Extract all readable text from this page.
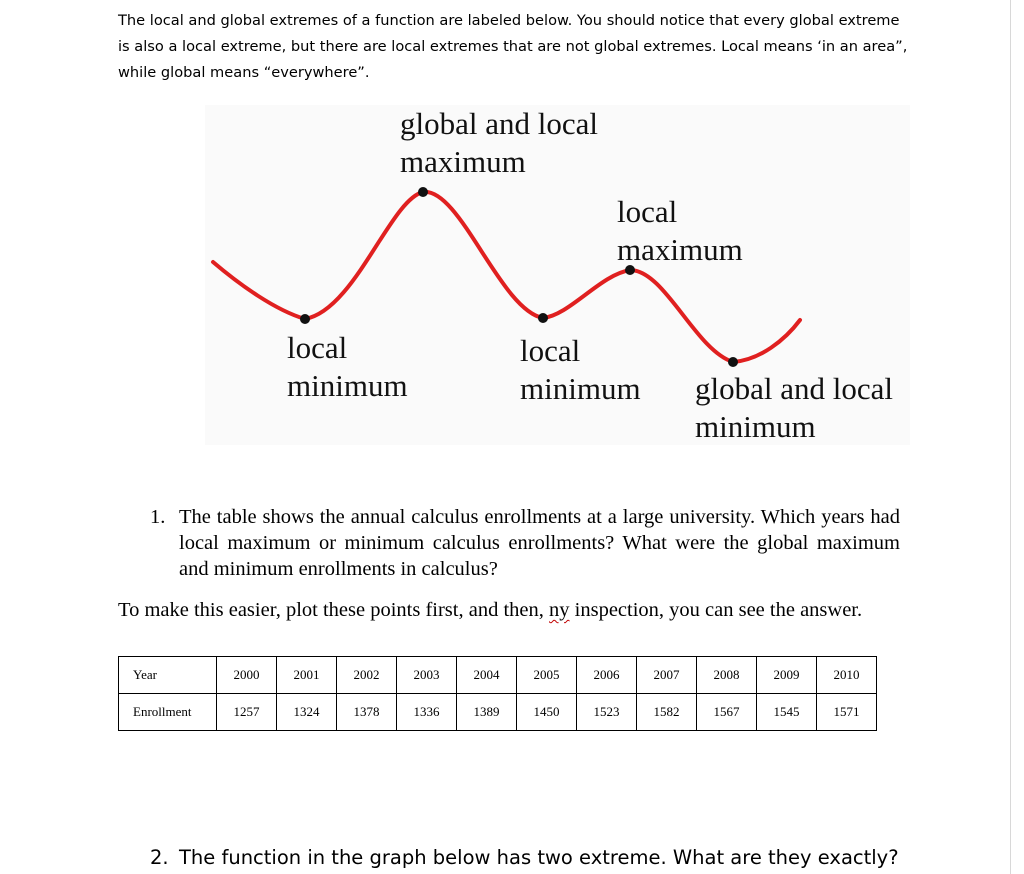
The local and global extremes of a function are labeled below. You should notice that every global extreme is also a local extreme, but there are local extremes that are not global extremes. Local means ‘in an area”, while global means “everywhere”.

global and local
maximum
local
maximum
local
minimum
local
minimum global and local
minimum
1. The table shows the annual calculus enrollments at a large university. Which years had local maximum or minimum calculus enrollments? What were the global maximum and minimum enrollments in calculus?

To make this easier, plot these points first, and then, ny inspection, you can see the answer.

Year	2000	2001	2002	2003	2004	2005	2006	2007	2008	2009	2010
Enrollment	1257	1324	1378	1336	1389	1450	1523	1582	1567	1545	1571

2. The function in the graph below has two extreme. What are they exactly?
